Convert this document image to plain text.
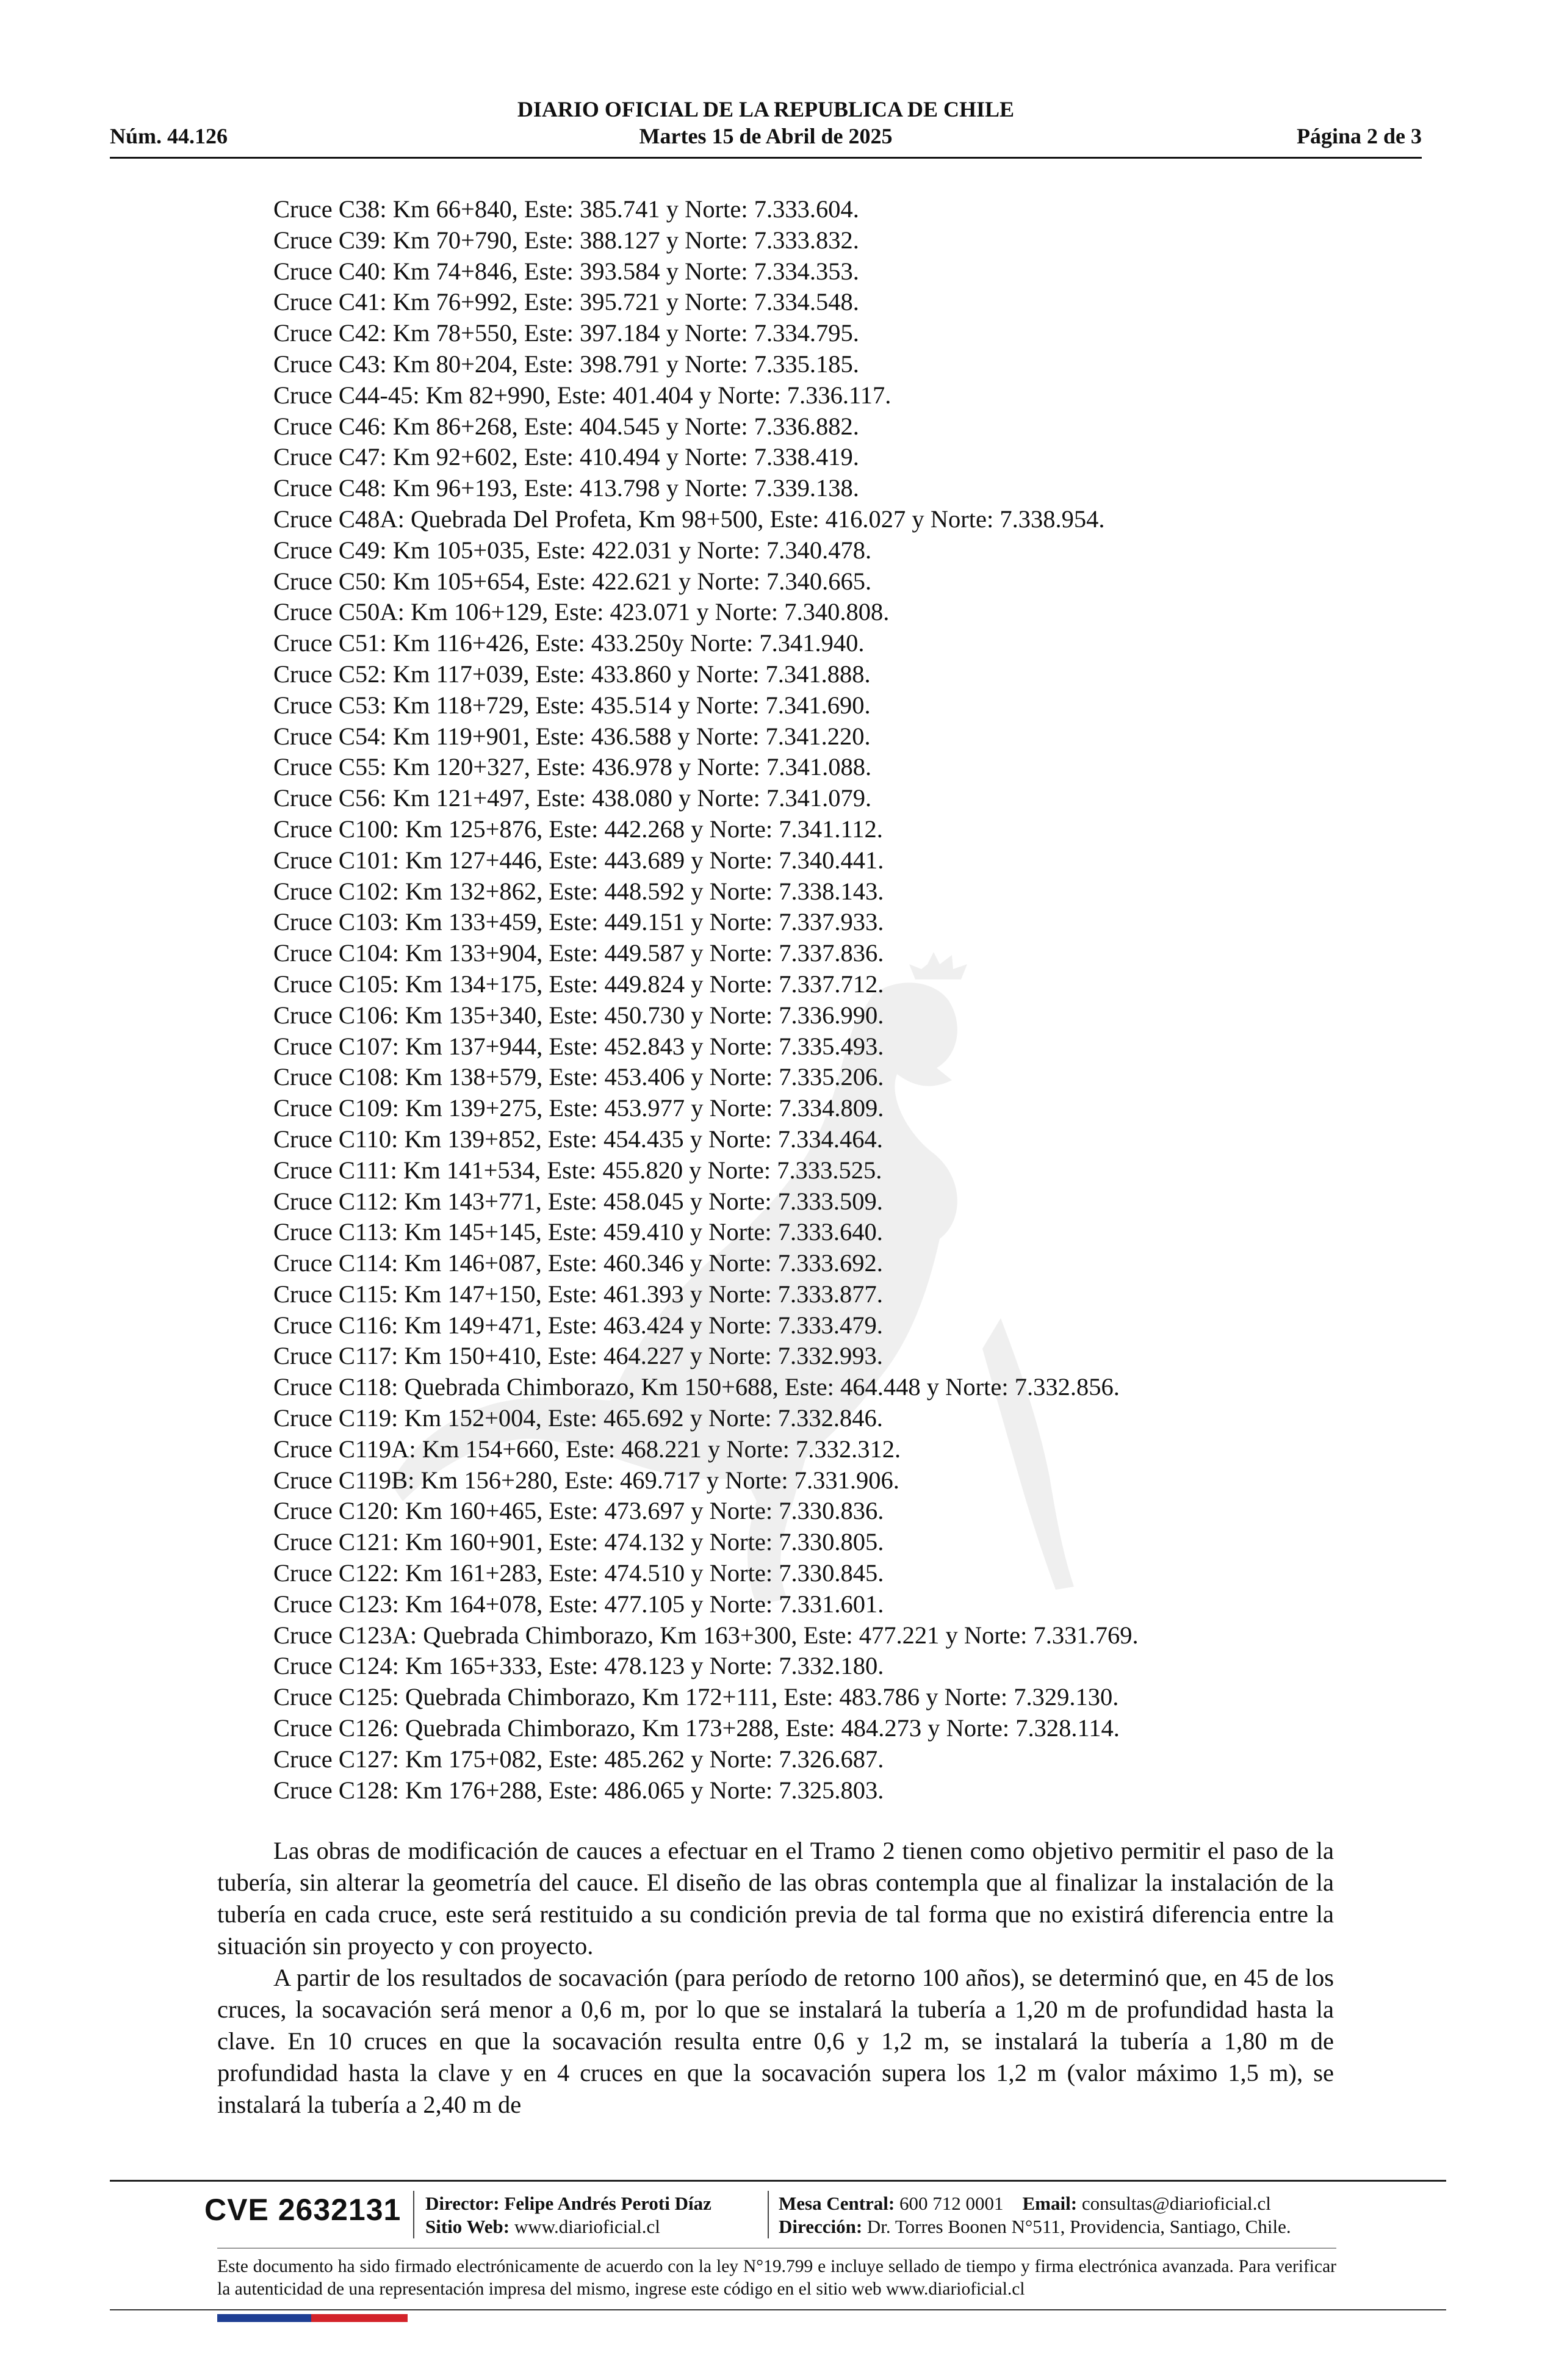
DIARIO OFICIAL DE LA REPUBLICA DE CHILE
Martes 15 de Abril de 2025
Núm. 44.126	Página 2 de 3
Cruce C38: Km 66+840, Este: 385.741 y Norte: 7.333.604.
Cruce C39: Km 70+790, Este: 388.127 y Norte: 7.333.832.
Cruce C40: Km 74+846, Este: 393.584 y Norte: 7.334.353.
Cruce C41: Km 76+992, Este: 395.721 y Norte: 7.334.548.
Cruce C42: Km 78+550, Este: 397.184 y Norte: 7.334.795.
Cruce C43: Km 80+204, Este: 398.791 y Norte: 7.335.185.
Cruce C44-45: Km 82+990, Este: 401.404 y Norte: 7.336.117.
Cruce C46: Km 86+268, Este: 404.545 y Norte: 7.336.882.
Cruce C47: Km 92+602, Este: 410.494 y Norte: 7.338.419.
Cruce C48: Km 96+193, Este: 413.798 y Norte: 7.339.138.
Cruce C48A: Quebrada Del Profeta, Km 98+500, Este: 416.027 y Norte: 7.338.954.
Cruce C49: Km 105+035, Este: 422.031 y Norte: 7.340.478.
Cruce C50: Km 105+654, Este: 422.621 y Norte: 7.340.665.
Cruce C50A: Km 106+129, Este: 423.071 y Norte: 7.340.808.
Cruce C51: Km 116+426, Este: 433.250y Norte: 7.341.940.
Cruce C52: Km 117+039, Este: 433.860 y Norte: 7.341.888.
Cruce C53: Km 118+729, Este: 435.514 y Norte: 7.341.690.
Cruce C54: Km 119+901, Este: 436.588 y Norte: 7.341.220.
Cruce C55: Km 120+327, Este: 436.978 y Norte: 7.341.088.
Cruce C56: Km 121+497, Este: 438.080 y Norte: 7.341.079.
Cruce C100: Km 125+876, Este: 442.268 y Norte: 7.341.112.
Cruce C101: Km 127+446, Este: 443.689 y Norte: 7.340.441.
Cruce C102: Km 132+862, Este: 448.592 y Norte: 7.338.143.
Cruce C103: Km 133+459, Este: 449.151 y Norte: 7.337.933.
Cruce C104: Km 133+904, Este: 449.587 y Norte: 7.337.836.
Cruce C105: Km 134+175, Este: 449.824 y Norte: 7.337.712.
Cruce C106: Km 135+340, Este: 450.730 y Norte: 7.336.990.
Cruce C107: Km 137+944, Este: 452.843 y Norte: 7.335.493.
Cruce C108: Km 138+579, Este: 453.406 y Norte: 7.335.206.
Cruce C109: Km 139+275, Este: 453.977 y Norte: 7.334.809.
Cruce C110: Km 139+852, Este: 454.435 y Norte: 7.334.464.
Cruce C111: Km 141+534, Este: 455.820 y Norte: 7.333.525.
Cruce C112: Km 143+771, Este: 458.045 y Norte: 7.333.509.
Cruce C113: Km 145+145, Este: 459.410 y Norte: 7.333.640.
Cruce C114: Km 146+087, Este: 460.346 y Norte: 7.333.692.
Cruce C115: Km 147+150, Este: 461.393 y Norte: 7.333.877.
Cruce C116: Km 149+471, Este: 463.424 y Norte: 7.333.479.
Cruce C117: Km 150+410, Este: 464.227 y Norte: 7.332.993.
Cruce C118: Quebrada Chimborazo, Km 150+688, Este: 464.448 y Norte: 7.332.856.
Cruce C119: Km 152+004, Este: 465.692 y Norte: 7.332.846.
Cruce C119A: Km 154+660, Este: 468.221 y Norte: 7.332.312.
Cruce C119B: Km 156+280, Este: 469.717 y Norte: 7.331.906.
Cruce C120: Km 160+465, Este: 473.697 y Norte: 7.330.836.
Cruce C121: Km 160+901, Este: 474.132 y Norte: 7.330.805.
Cruce C122: Km 161+283, Este: 474.510 y Norte: 7.330.845.
Cruce C123: Km 164+078, Este: 477.105 y Norte: 7.331.601.
Cruce C123A: Quebrada Chimborazo, Km 163+300, Este: 477.221 y Norte: 7.331.769.
Cruce C124: Km 165+333, Este: 478.123 y Norte: 7.332.180.
Cruce C125: Quebrada Chimborazo, Km 172+111, Este: 483.786 y Norte: 7.329.130.
Cruce C126: Quebrada Chimborazo, Km 173+288, Este: 484.273 y Norte: 7.328.114.
Cruce C127: Km 175+082, Este: 485.262 y Norte: 7.326.687.
Cruce C128: Km 176+288, Este: 486.065 y Norte: 7.325.803.

Las obras de modificación de cauces a efectuar en el Tramo 2 tienen como objetivo permitir el paso de la tubería, sin alterar la geometría del cauce. El diseño de las obras contempla que al finalizar la instalación de la tubería en cada cruce, este será restituido a su condición previa de tal forma que no existirá diferencia entre la situación sin proyecto y con proyecto.

A partir de los resultados de socavación (para período de retorno 100 años), se determinó que, en 45 de los cruces, la socavación será menor a 0,6 m, por lo que se instalará la tubería a 1,20 m de profundidad hasta la clave. En 10 cruces en que la socavación resulta entre 0,6 y 1,2 m, se instalará la tubería a 1,80 m de profundidad hasta la clave y en 4 cruces en que la socavación supera los 1,2 m (valor máximo 1,5 m), se instalará la tubería a 2,40 m de

CVE 2632131 Director: Felipe Andrés Peroti Díaz
Sitio Web: www.diarioficial.cl
Mesa Central: 600 712 0001 Email: consultas@diarioficial.cl
Dirección: Dr. Torres Boonen N°511, Providencia, Santiago, Chile.
Este documento ha sido firmado electrónicamente de acuerdo con la ley N°19.799 e incluye sellado de tiempo y firma electrónica avanzada. Para verificar la autenticidad de una representación impresa del mismo, ingrese este código en el sitio web www.diarioficial.cl
